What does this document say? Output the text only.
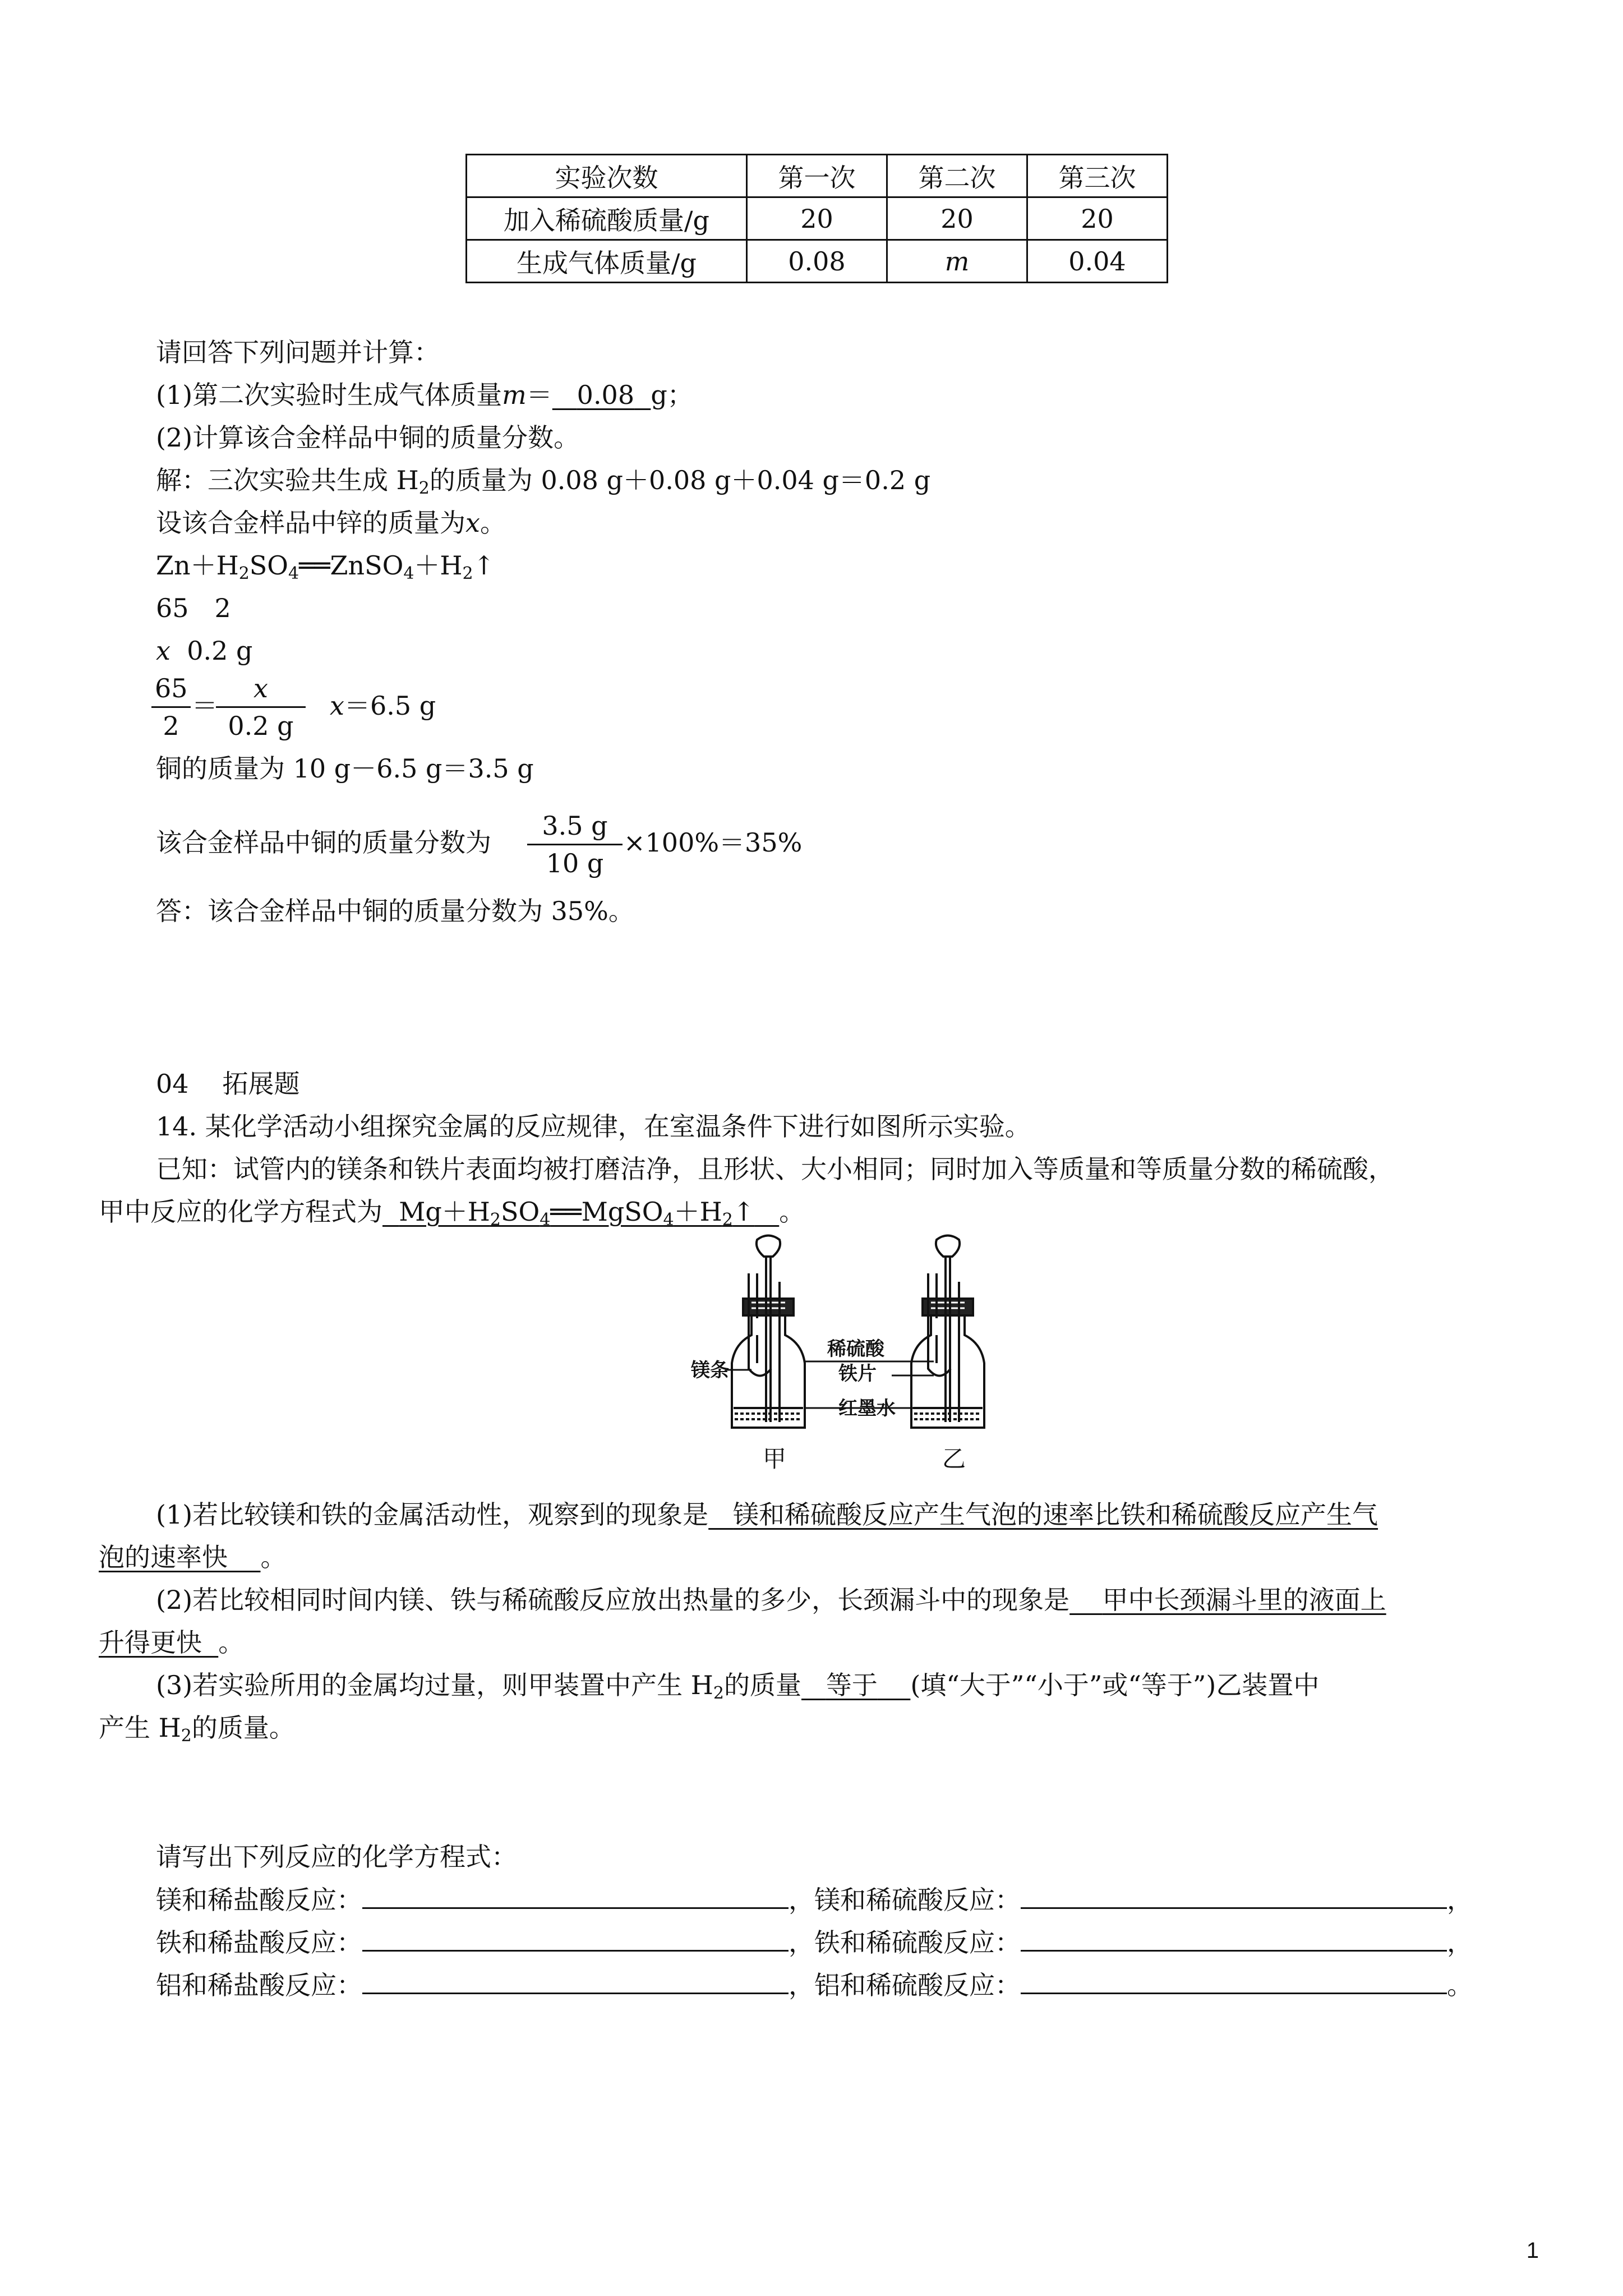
实验次数	第一次	第二次	第三次
加入稀硫酸质量/g	20	20	20
生成气体质量/g	0.08	m	0.04
请回答下列问题并计算：
(1)第二次实验时生成气体质量m＝ 0.08 g；
(2)计算该合金样品中铜的质量分数。
解：三次实验共生成 $H_2$的质量为 0.08 g＋0.08 g＋0.04 g＝0.2 g
设该合金样品中锌的质量为x。
$Zn+H_2SO_4══ZnSO_4+H_2↑$
65　2
x 0.2 g
$\frac{65}{2}$ ＝
$\frac{x}{0.2 g} x=6.5$ g
铜的质量为 10 g－6.5 g＝3.5 g
该合金样品中铜的质量分数为 $\frac{3.5 g}{10 g} \times 100\%=35\%$
答：该合金样品中铜的质量分数为 35%。
04 拓展题
14. 某化学活动小组探究金属的反应规律，在室温条件下进行如图所示实验。
已知：试管内的镁条和铁片表面均被打磨洁净，且形状、大小相同；同时加入等质量和等质量分数的稀硫酸，
甲中反应的化学方程式为 $Mg+H_2SO_4══MgSO_4+H_2↑$ 。
镁条
稀硫酸
铁片
红墨水
甲	乙
(1)若比较镁和铁的金属活动性，观察到的现象是 镁和稀硫酸反应产生气泡的速率比铁和稀硫酸反应产生气
泡的速率快 。
(2)若比较相同时间内镁、铁与稀硫酸反应放出热量的多少，长颈漏斗中的现象是 甲中长颈漏斗里的液面上
升得更快 。
(3)若实验所用的金属均过量，则甲装置中产生 $H_2$的质量 等于 (填“大于”“小于”或“等于”)乙装置中
产生 $H_2$的质量。
请写出下列反应的化学方程式：
镁和稀盐酸反应：	，镁和稀硫酸反应：	，
铁和稀盐酸反应：	，铁和稀硫酸反应：	，
铝和稀盐酸反应：	，铝和稀硫酸反应：	。
1
